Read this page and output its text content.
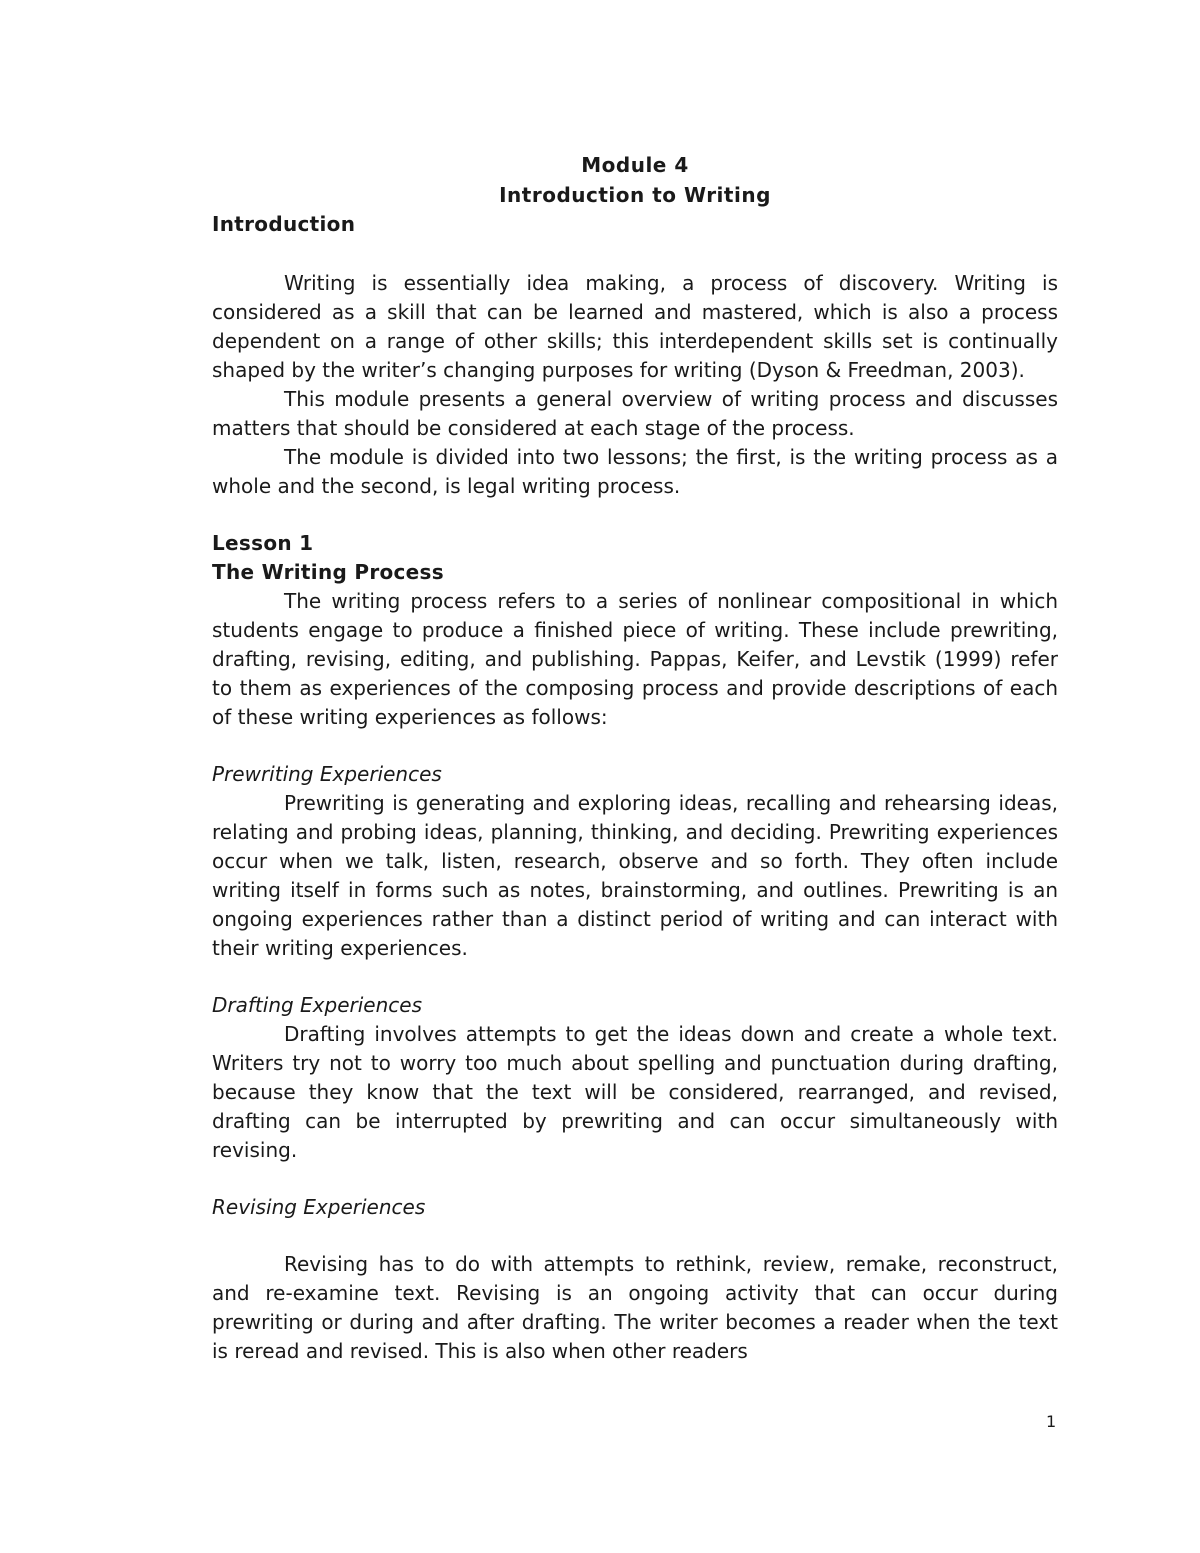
Module 4
Introduction to Writing
Introduction

Writing is essentially idea making, a process of discovery. Writing is considered as a skill that can be learned and mastered, which is also a process dependent on a range of other skills; this interdependent skills set is continually shaped by the writer’s changing purposes for writing (Dyson & Freedman, 2003).

This module presents a general overview of writing process and discusses matters that should be considered at each stage of the process.

The module is divided into two lessons; the first, is the writing process as a whole and the second, is legal writing process.

Lesson 1
The Writing Process

The writing process refers to a series of nonlinear compositional in which students engage to produce a finished piece of writing. These include prewriting, drafting, revising, editing, and publishing. Pappas, Keifer, and Levstik (1999) refer to them as experiences of the composing process and provide descriptions of each of these writing experiences as follows:

Prewriting Experiences

Prewriting is generating and exploring ideas, recalling and rehearsing ideas, relating and probing ideas, planning, thinking, and deciding. Prewriting experiences occur when we talk, listen, research, observe and so forth. They often include writing itself in forms such as notes, brainstorming, and outlines. Prewriting is an ongoing experiences rather than a distinct period of writing and can interact with their writing experiences.

Drafting Experiences

Drafting involves attempts to get the ideas down and create a whole text. Writers try not to worry too much about spelling and punctuation during drafting, because they know that the text will be considered, rearranged, and revised, drafting can be interrupted by prewriting and can occur simultaneously with revising.

Revising Experiences

Revising has to do with attempts to rethink, review, remake, reconstruct, and re-examine text. Revising is an ongoing activity that can occur during prewriting or during and after drafting. The writer becomes a reader when the text is reread and revised. This is also when other readers

1
